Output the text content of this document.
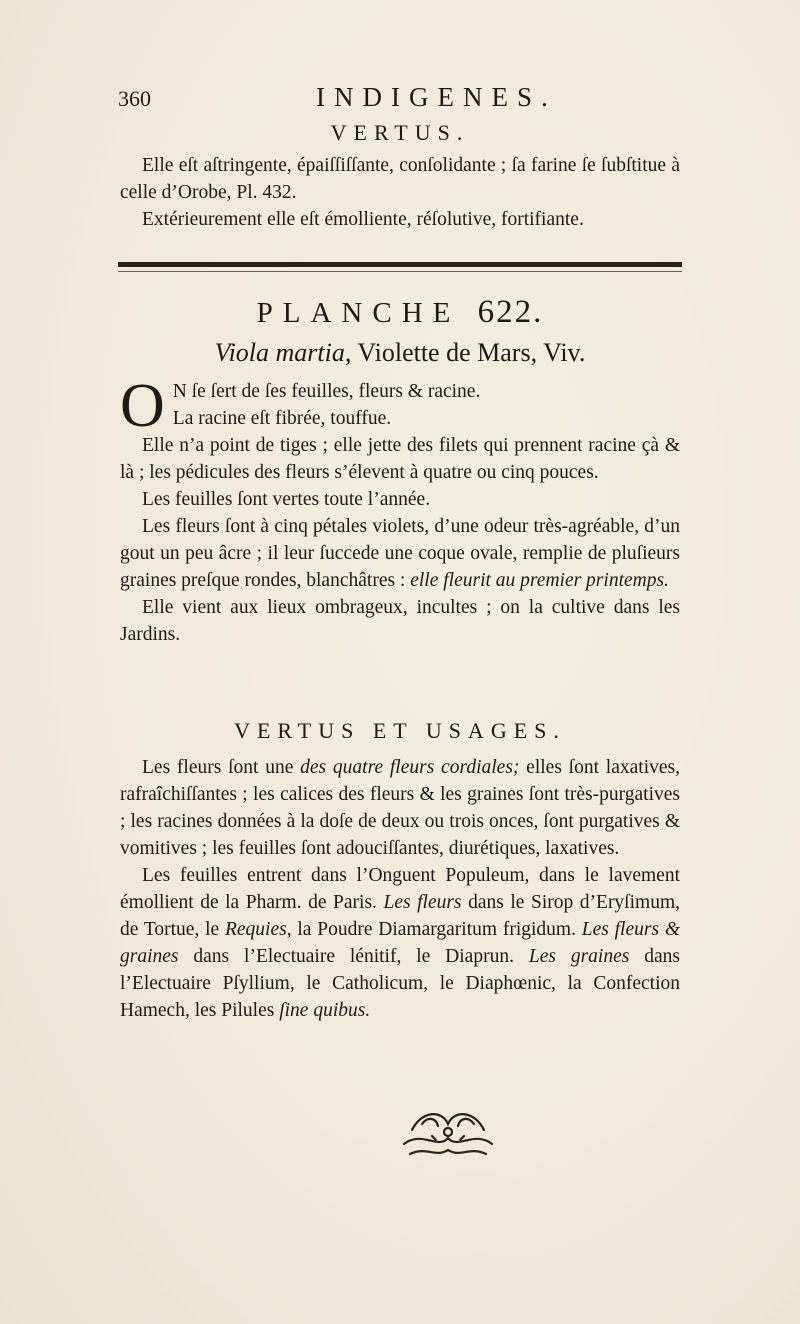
360	INDIGENES.
VERTUS.

Elle eſt aſtringente, épaiſſiſſante, conſolidante ; ſa farine ſe ſubſtitue à celle d’Orobe, Pl. 432.

Extérieurement elle eſt émolliente, réſolutive, fortifiante.

PLANCHE 622.
Viola martia, Violette de Mars, Viv.

O N ſe ſert de ſes feuilles, fleurs & racine.
La racine eſt fibrée, touffue.

Elle n’a point de tiges ; elle jette des filets qui prennent racine çà & là ; les pédicules des fleurs s’élevent à quatre ou cinq pouces.

Les feuilles ſont vertes toute l’année.

Les fleurs ſont à cinq pétales violets, d’une odeur très-agréable, d’un gout un peu âcre ; il leur ſuccede une coque ovale, remplie de pluſieurs graines preſque rondes, blanchâtres : elle fleurit au premier printemps.

Elle vient aux lieux ombrageux, incultes ; on la cultive dans les Jardins.

VERTUS ET USAGES.

Les fleurs ſont une des quatre fleurs cordiales; elles ſont laxatives, rafraîchiſſantes ; les calices des fleurs & les graines ſont très-purgatives ; les racines données à la doſe de deux ou trois onces, ſont purgatives & vomitives ; les feuilles ſont adouciſſantes, diurétiques, laxatives.

Les feuilles entrent dans l’Onguent Populeum, dans le lavement émollient de la Pharm. de Paris. Les fleurs dans le Sirop d’Eryſimum, de Tortue, le Requies, la Poudre Diamargaritum frigidum. Les fleurs & graines dans l’Electuaire lénitif, le Diaprun. Les graines dans l’Electuaire Pſyllium, le Catholicum, le Diaphœnic, la Confection Hamech, les Pilules ſine quibus.
